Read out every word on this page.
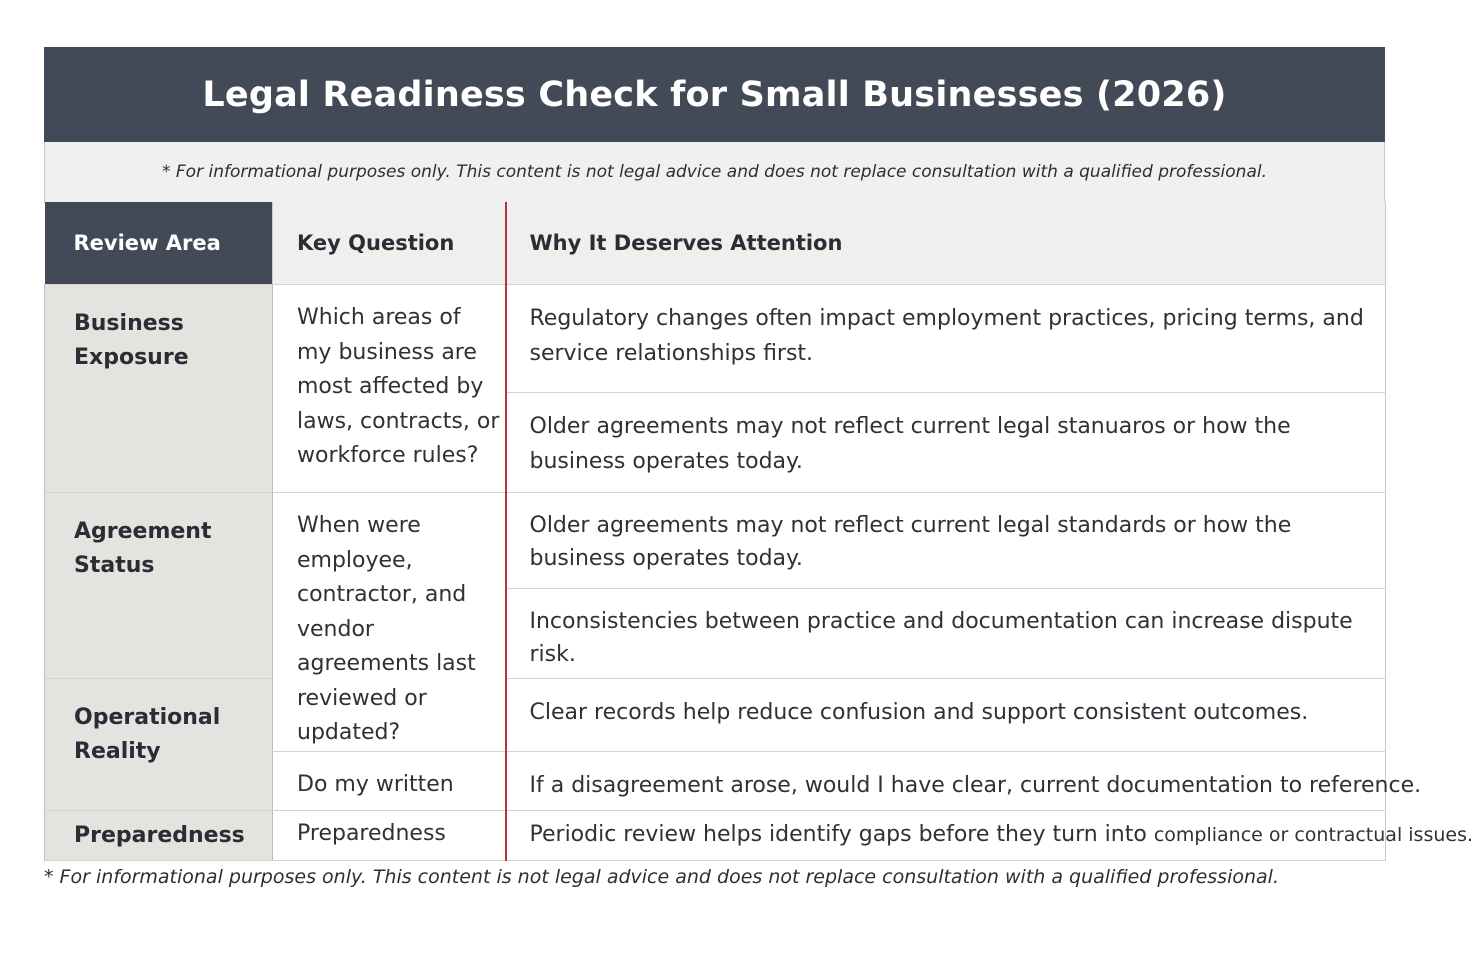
Legal Readiness Check for Small Businesses (2026)
* For informational purposes only. This content is not legal advice and does not replace consultation with a qualified professional.
Review Area	Key Question	Why It Deserves Attention
Business Exposure	Which areas of my business are most affected by laws, contracts, or workforce rules?	Regulatory changes often impact employment practices, pricing terms, and service relationships first.
		Older agreements may not reflect current legal stanuaros or how the business operates today.
Agreement Status	When were employee, contractor, and vendor agreements last reviewed or updated?	Older agreements may not reflect current legal standards or how the business operates today.
		Inconsistencies between practice and documentation can increase dispute risk.
Operational Reality		Clear records help reduce confusion and support consistent outcomes.
	Do my written	If a disagreement arose, would I have clear, current documentation to reference.
Preparedness	Preparedness	Periodic review helps identify gaps before they turn into compliance or contractual issues.
* For informational purposes only. This content is not legal advice and does not replace consultation with a qualified professional.
